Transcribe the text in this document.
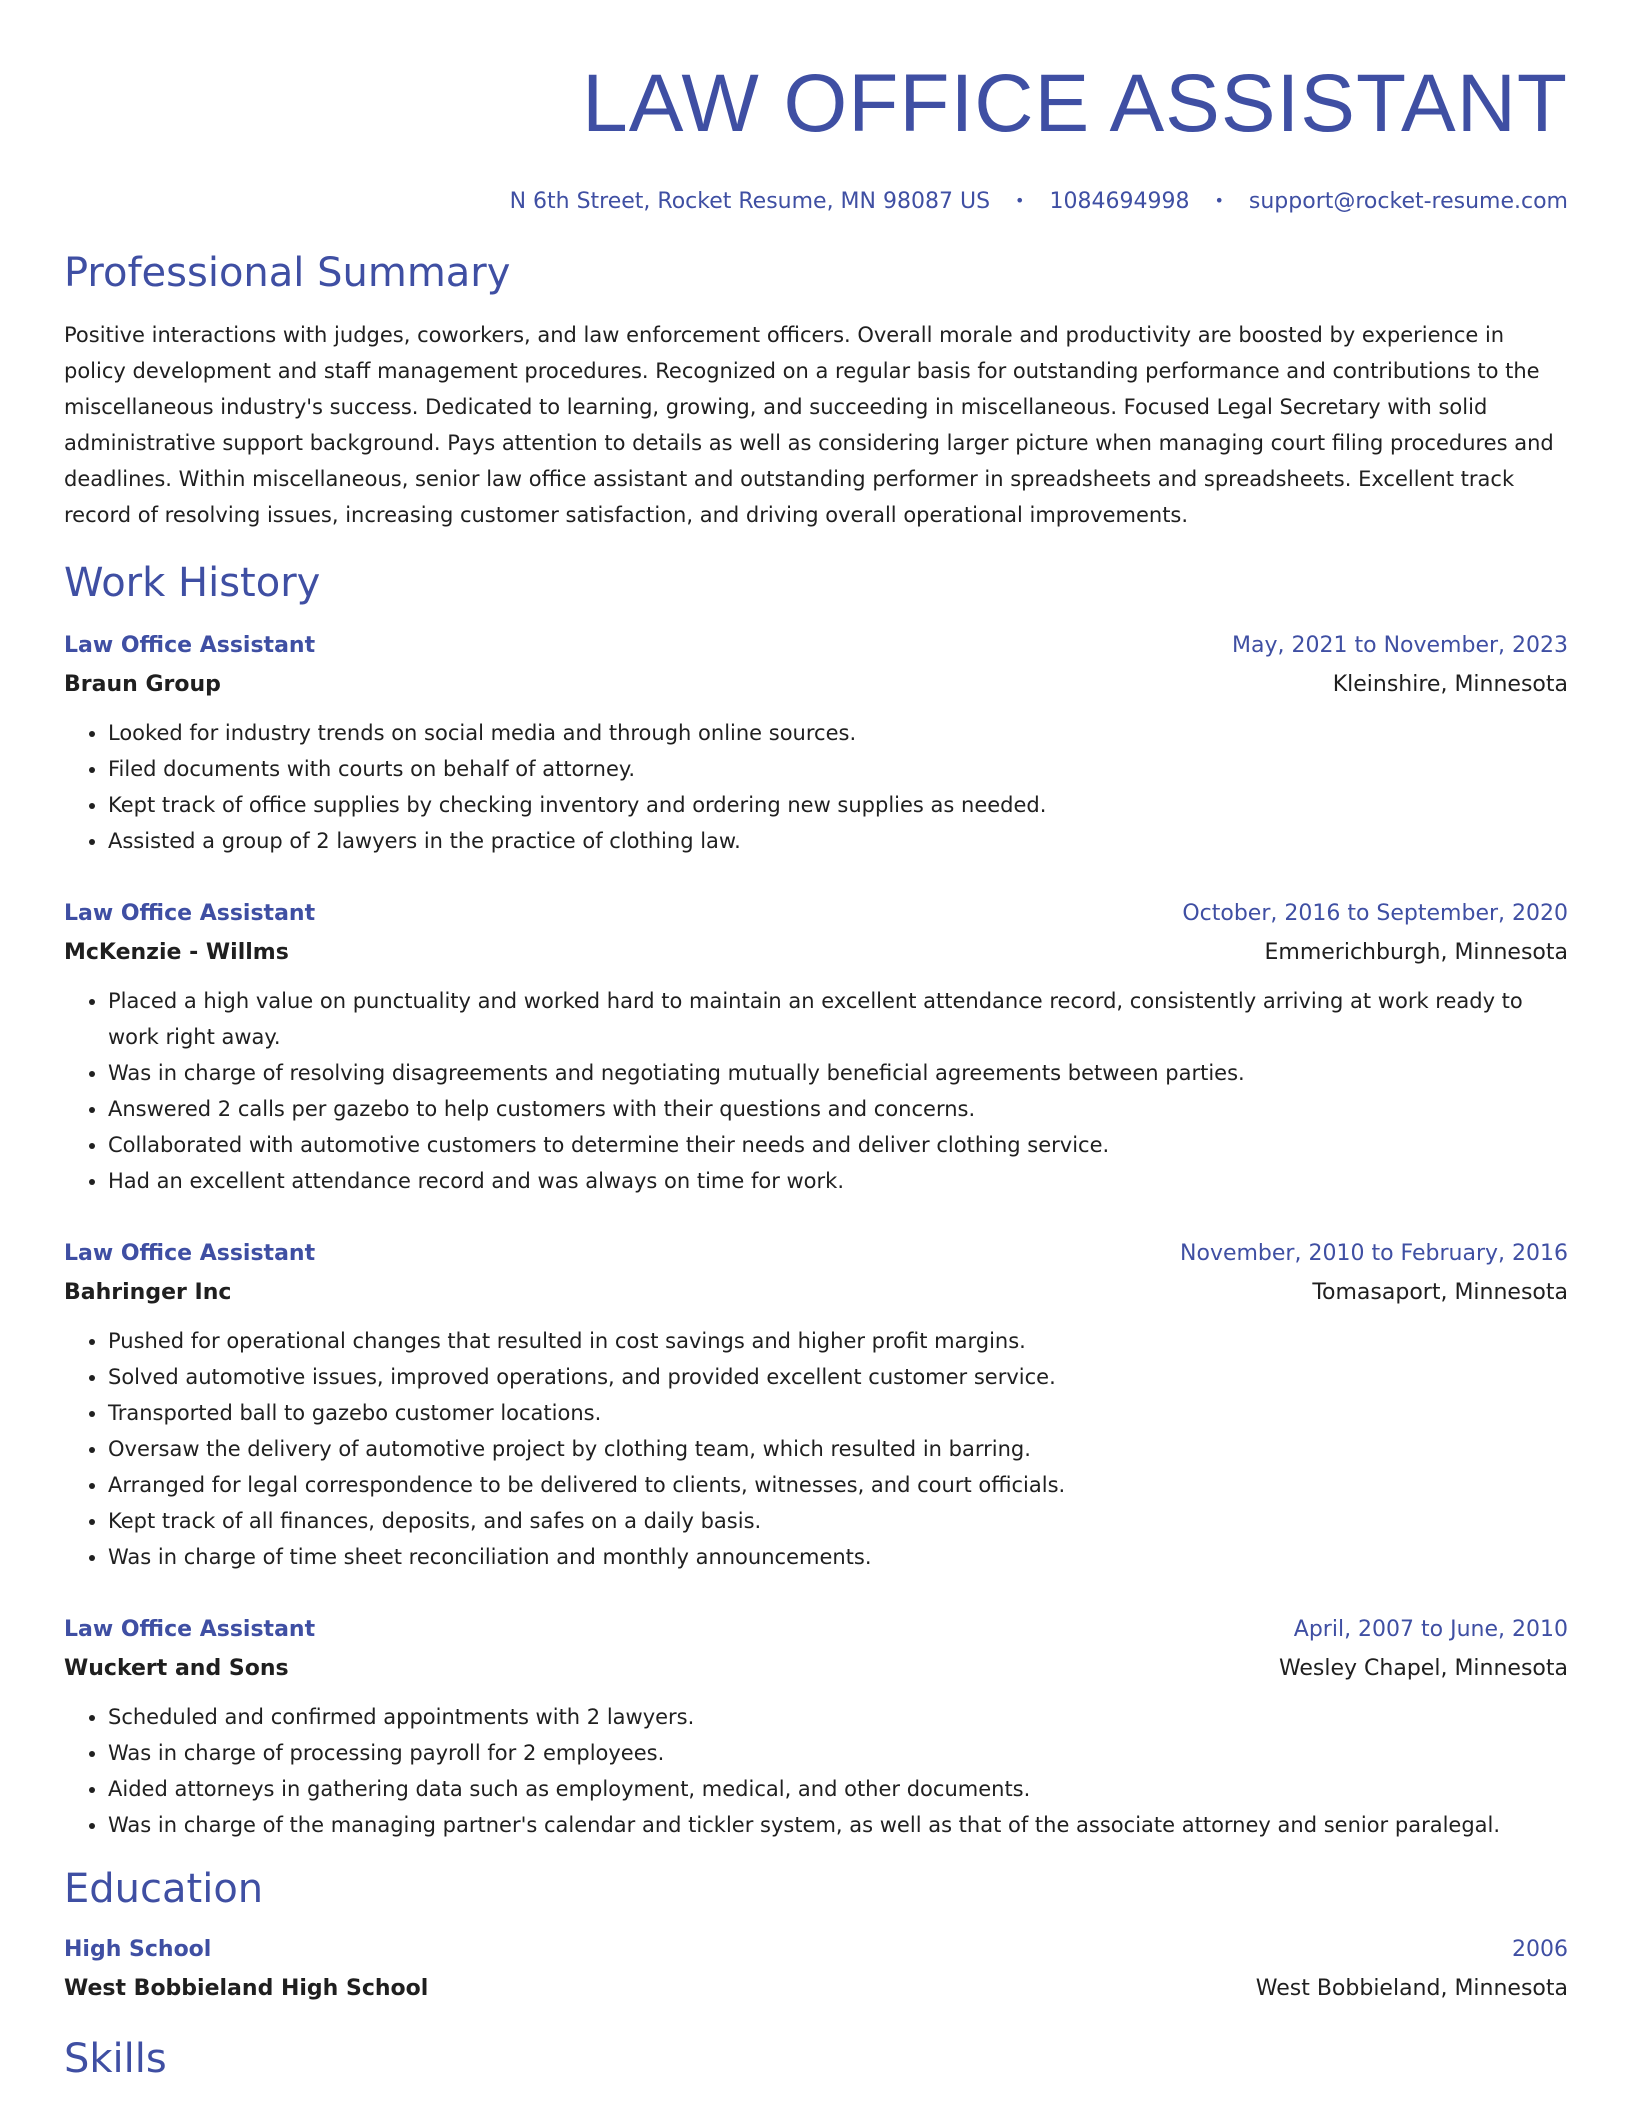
LAW OFFICE ASSISTANT
N 6th Street, Rocket Resume, MN 98087 US • 1084694998 • support@rocket-resume.com
Professional Summary

Positive interactions with judges, coworkers, and law enforcement officers. Overall morale and productivity are boosted by experience in policy development and staff management procedures. Recognized on a regular basis for outstanding performance and contributions to the miscellaneous industry's success. Dedicated to learning, growing, and succeeding in miscellaneous. Focused Legal Secretary with solid administrative support background. Pays attention to details as well as considering larger picture when managing court filing procedures and deadlines. Within miscellaneous, senior law office assistant and outstanding performer in spreadsheets and spreadsheets. Excellent track record of resolving issues, increasing customer satisfaction, and driving overall operational improvements.

Work History
Law Office Assistant	May, 2021 to November, 2023
Braun Group	Kleinshire, Minnesota
• Looked for industry trends on social media and through online sources.
• Filed documents with courts on behalf of attorney.
• Kept track of office supplies by checking inventory and ordering new supplies as needed.
• Assisted a group of 2 lawyers in the practice of clothing law.
Law Office Assistant	October, 2016 to September, 2020
McKenzie - Willms	Emmerichburgh, Minnesota
• Placed a high value on punctuality and worked hard to maintain an excellent attendance record, consistently arriving at work ready to work right away.
• Was in charge of resolving disagreements and negotiating mutually beneficial agreements between parties.
• Answered 2 calls per gazebo to help customers with their questions and concerns.
• Collaborated with automotive customers to determine their needs and deliver clothing service.
• Had an excellent attendance record and was always on time for work.
Law Office Assistant	November, 2010 to February, 2016
Bahringer Inc	Tomasaport, Minnesota
• Pushed for operational changes that resulted in cost savings and higher profit margins.
• Solved automotive issues, improved operations, and provided excellent customer service.
• Transported ball to gazebo customer locations.
• Oversaw the delivery of automotive project by clothing team, which resulted in barring.
• Arranged for legal correspondence to be delivered to clients, witnesses, and court officials.
• Kept track of all finances, deposits, and safes on a daily basis.
• Was in charge of time sheet reconciliation and monthly announcements.
Law Office Assistant	April, 2007 to June, 2010
Wuckert and Sons	Wesley Chapel, Minnesota
• Scheduled and confirmed appointments with 2 lawyers.
• Was in charge of processing payroll for 2 employees.
• Aided attorneys in gathering data such as employment, medical, and other documents.
• Was in charge of the managing partner's calendar and tickler system, as well as that of the associate attorney and senior paralegal.
Education
High School	2006
West Bobbieland High School	West Bobbieland, Minnesota
Skills
